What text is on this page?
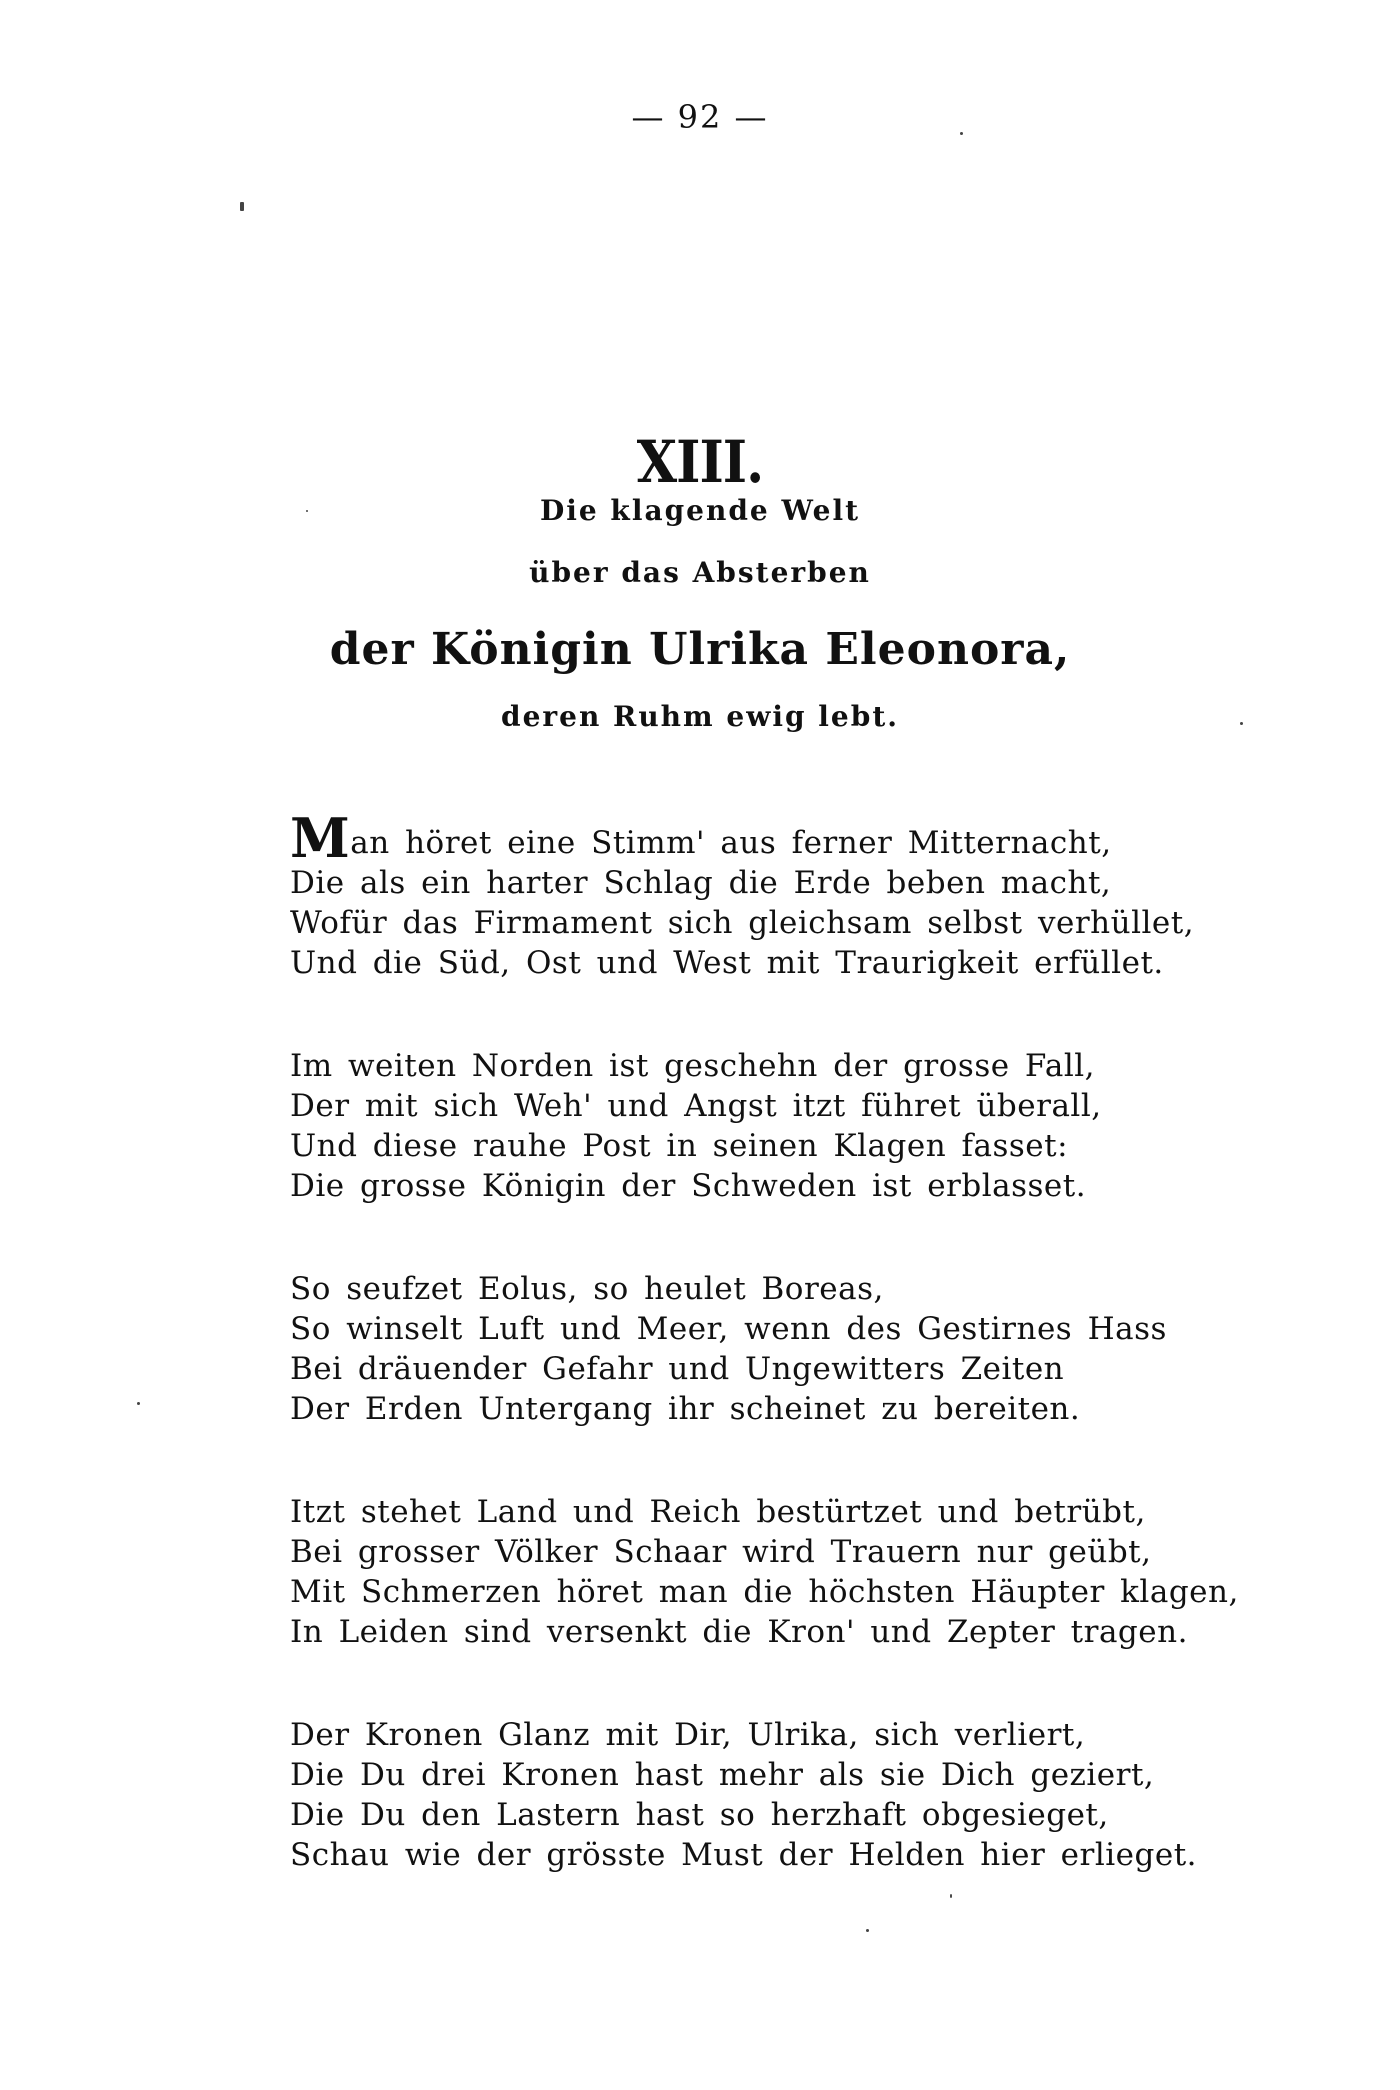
— 92 —
XIII.
Die klagende Welt
über das Absterben
der Königin Ulrika Eleonora,
deren Ruhm ewig lebt.
Man höret eine Stimm' aus ferner Mitternacht,
Die als ein harter Schlag die Erde beben macht,
Wofür das Firmament sich gleichsam selbst verhüllet,
Und die Süd, Ost und West mit Traurigkeit erfüllet.
Im weiten Norden ist geschehn der grosse Fall,
Der mit sich Weh' und Angst itzt führet überall,
Und diese rauhe Post in seinen Klagen fasset:
Die grosse Königin der Schweden ist erblasset.
So seufzet Eolus, so heulet Boreas,
So winselt Luft und Meer, wenn des Gestirnes Hass
Bei dräuender Gefahr und Ungewitters Zeiten
Der Erden Untergang ihr scheinet zu bereiten.
Itzt stehet Land und Reich bestürtzet und betrübt,
Bei grosser Völker Schaar wird Trauern nur geübt,
Mit Schmerzen höret man die höchsten Häupter klagen,
In Leiden sind versenkt die Kron' und Zepter tragen.
Der Kronen Glanz mit Dir, Ulrika, sich verliert,
Die Du drei Kronen hast mehr als sie Dich geziert,
Die Du den Lastern hast so herzhaft obgesieget,
Schau wie der grösste Must der Helden hier erlieget.
